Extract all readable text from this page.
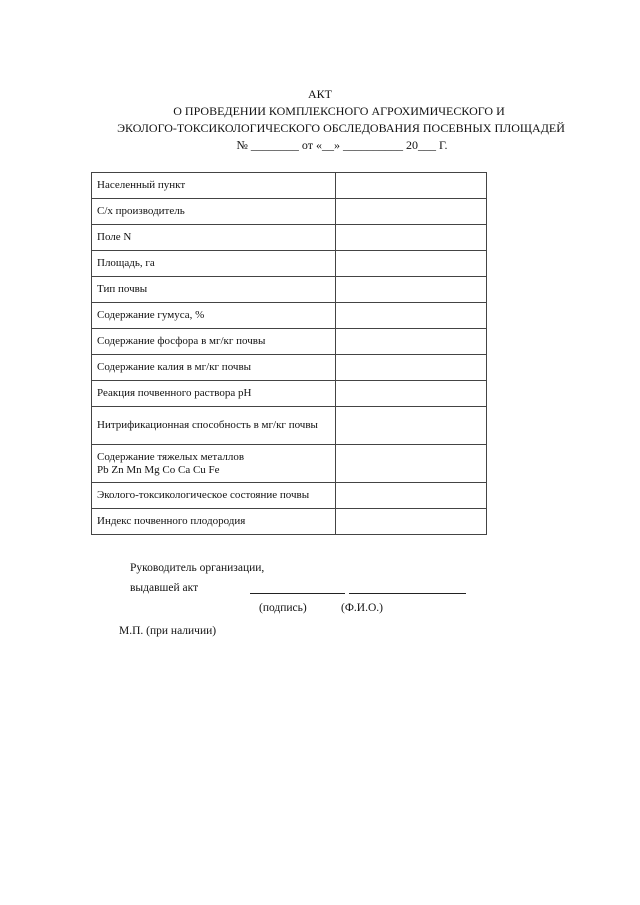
АКТ
О ПРОВЕДЕНИИ КОМПЛЕКСНОГО АГРОХИМИЧЕСКОГО И
ЭКОЛОГО-ТОКСИКОЛОГИЧЕСКОГО ОБСЛЕДОВАНИЯ ПОСЕВНЫХ ПЛОЩАДЕЙ
№ ________ от «__» __________ 20___ Г.
Населенный пункт	
С/х производитель	
Поле N	
Площадь, га	
Тип почвы	
Содержание гумуса, %	
Содержание фосфора в мг/кг почвы	
Содержание калия в мг/кг почвы	
Реакция почвенного раствора pH	
Нитрификационная способность в мг/кг почвы	

Содержание тяжелых металлов
Pb Zn Mn Mg Co Ca Cu Fe	

Эколого-токсикологическое состояние почвы	
Индекс почвенного плодородия	
Руководитель организации,
выдавшей акт
(подпись)	(Ф.И.О.)
М.П. (при наличии)
